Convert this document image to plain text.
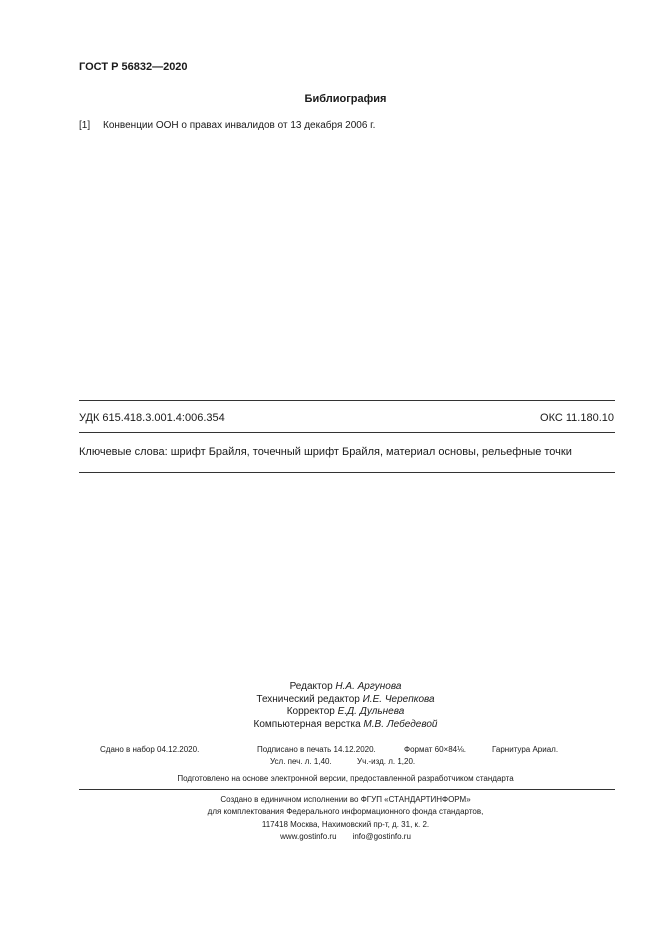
ГОСТ Р 56832—2020
Библиография
[1] Конвенции ООН о правах инвалидов от 13 декабря 2006 г.
УДК 615.418.3.001.4:006.354	ОКС 11.180.10
Ключевые слова: шрифт Брайля, точечный шрифт Брайля, материал основы, рельефные точки
Редактор Н.А. Аргунова
Технический редактор И.Е. Черепкова
Корректор Е.Д. Дульнева
Компьютерная верстка М.В. Лебедевой
Сдано в набор 04.12.2020.	Подписано в печать 14.12.2020.	Формат 60×84⅛.	Гарнитура Ариал.
Усл. печ. л. 1,40.	Уч.-изд. л. 1,20.
Подготовлено на основе электронной версии, предоставленной разработчиком стандарта
Создано в единичном исполнении во ФГУП «СТАНДАРТИНФОРМ»
для комплектования Федерального информационного фонда стандартов,
117418 Москва, Нахимовский пр-т, д. 31, к. 2.
www.gostinfo.ru info@gostinfo.ru
